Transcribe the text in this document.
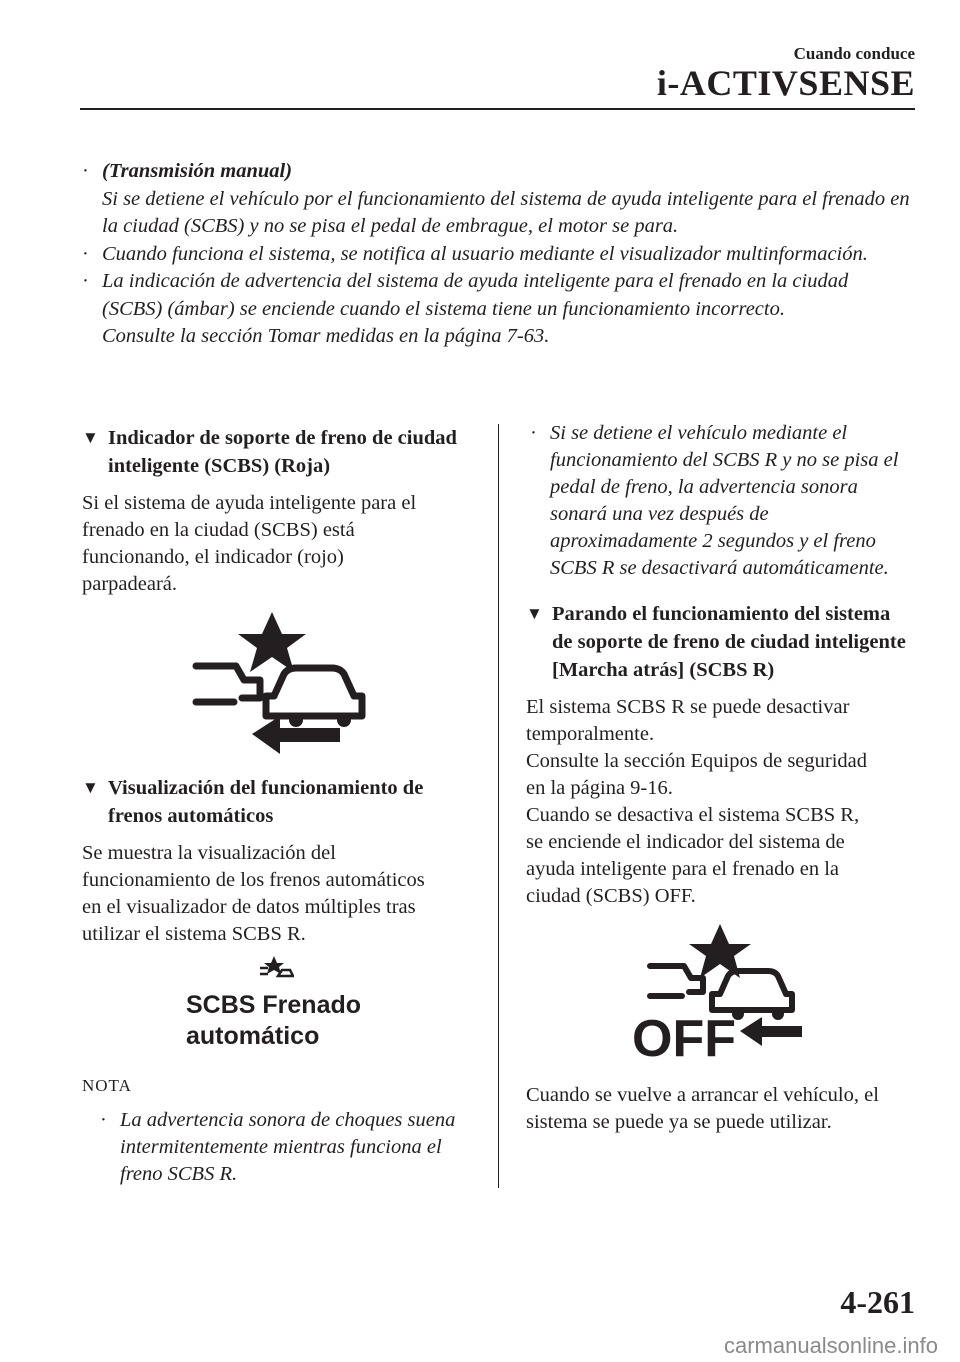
Cuando conduce
i-ACTIVSENSE
· (Transmisión manual)

Si se detiene el vehículo por el funcionamiento del sistema de ayuda inteligente para el frenado en la ciudad (SCBS) y no se pisa el pedal de embrague, el motor se para.

· Cuando funciona el sistema, se notifica al usuario mediante el visualizador multinformación.

· La indicación de advertencia del sistema de ayuda inteligente para el frenado en la ciudad (SCBS) (ámbar) se enciende cuando el sistema tiene un funcionamiento incorrecto.

Consulte la sección Tomar medidas en la página 7-63.

▼ Indicador de soporte de freno de ciudad inteligente (SCBS) (Roja)

Si el sistema de ayuda inteligente para el
frenado en la ciudad (SCBS) está
funcionando, el indicador (rojo)
parpadeará.

▼ Visualización del funcionamiento de frenos automáticos

Se muestra la visualización del
funcionamiento de los frenos automáticos
en el visualizador de datos múltiples tras
utilizar el sistema SCBS R.

SCBS Frenado
automático
NOTA
· La advertencia sonora de choques suena intermitentemente mientras funciona el freno SCBS R.

· Si se detiene el vehículo mediante el funcionamiento del SCBS R y no se pisa el pedal de freno, la advertencia sonora sonará una vez después de aproximadamente 2 segundos y el freno SCBS R se desactivará automáticamente.

▼ Parando el funcionamiento del sistema de soporte de freno de ciudad inteligente [Marcha atrás] (SCBS R)

El sistema SCBS R se puede desactivar
temporalmente.
Consulte la sección Equipos de seguridad
en la página 9-16.
Cuando se desactiva el sistema SCBS R,
se enciende el indicador del sistema de
ayuda inteligente para el frenado en la
ciudad (SCBS) OFF.

OFF

Cuando se vuelve a arrancar el vehículo, el
sistema se puede ya se puede utilizar.

4-261
carmanualsonline.info
